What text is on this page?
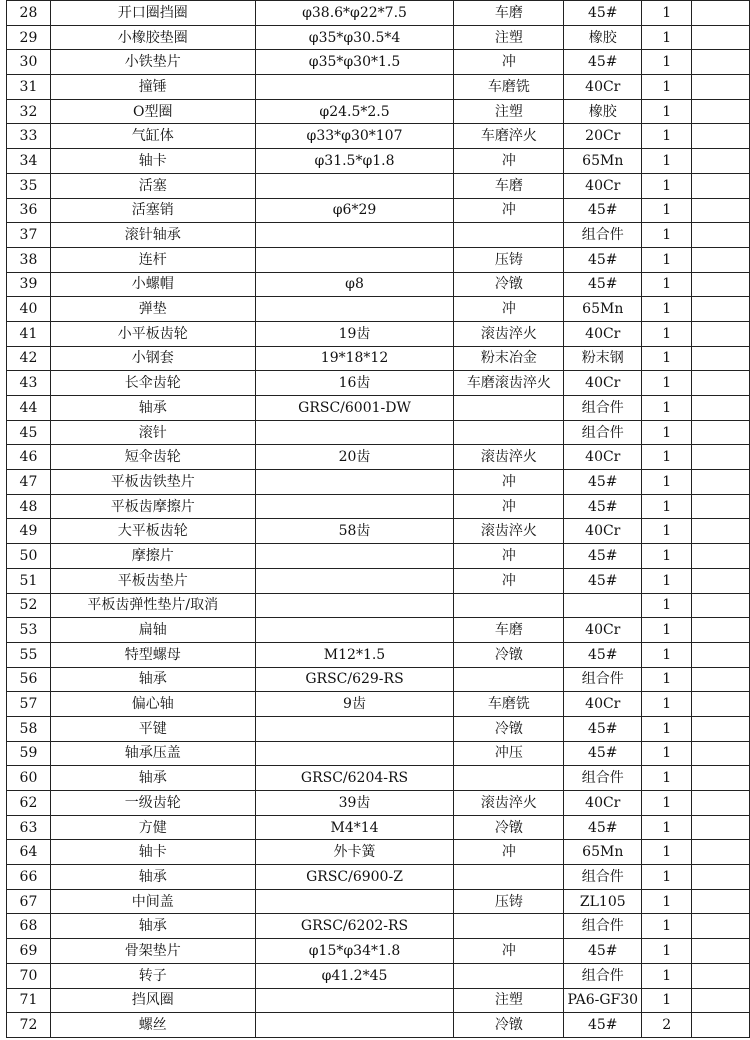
28	开口圈挡圈	φ38.6*φ22*7.5	车磨	45#	1	
29	小橡胶垫圈	φ35*φ30.5*4	注塑	橡胶	1	
30	小铁垫片	φ35*φ30*1.5	冲	45#	1	
31	撞锤		车磨铣	40Cr	1	
32	O型圈	φ24.5*2.5	注塑	橡胶	1	
33	气缸体	φ33*φ30*107	车磨淬火	20Cr	1	
34	轴卡	φ31.5*φ1.8	冲	65Mn	1	
35	活塞		车磨	40Cr	1	
36	活塞销	φ6*29	冲	45#	1	
37	滚针轴承			组合件	1	
38	连杆		压铸	45#	1	
39	小螺帽	φ8	冷镦	45#	1	
40	弹垫		冲	65Mn	1	
41	小平板齿轮	19齿	滚齿淬火	40Cr	1	
42	小钢套	19*18*12	粉末冶金	粉末钢	1	
43	长伞齿轮	16齿	车磨滚齿淬火	40Cr	1	
44	轴承	GRSC/6001-DW		组合件	1	
45	滚针			组合件	1	
46	短伞齿轮	20齿	滚齿淬火	40Cr	1	
47	平板齿铁垫片		冲	45#	1	
48	平板齿摩擦片		冲	45#	1	
49	大平板齿轮	58齿	滚齿淬火	40Cr	1	
50	摩擦片		冲	45#	1	
51	平板齿垫片		冲	45#	1	
52	平板齿弹性垫片/取消				1	
53	扁轴		车磨	40Cr	1	
55	特型螺母	M12*1.5	冷镦	45#	1	
56	轴承	GRSC/629-RS		组合件	1	
57	偏心轴	9齿	车磨铣	40Cr	1	
58	平键		冷镦	45#	1	
59	轴承压盖		冲压	45#	1	
60	轴承	GRSC/6204-RS		组合件	1	
62	一级齿轮	39齿	滚齿淬火	40Cr	1	
63	方健	M4*14	冷镦	45#	1	
64	轴卡	外卡簧	冲	65Mn	1	
66	轴承	GRSC/6900-Z		组合件	1	
67	中间盖		压铸	ZL105	1	
68	轴承	GRSC/6202-RS		组合件	1	
69	骨架垫片	φ15*φ34*1.8	冲	45#	1	
70	转子	φ41.2*45		组合件	1	
71	挡风圈		注塑	PA6-GF30	1	
72	螺丝		冷镦	45#	2	
